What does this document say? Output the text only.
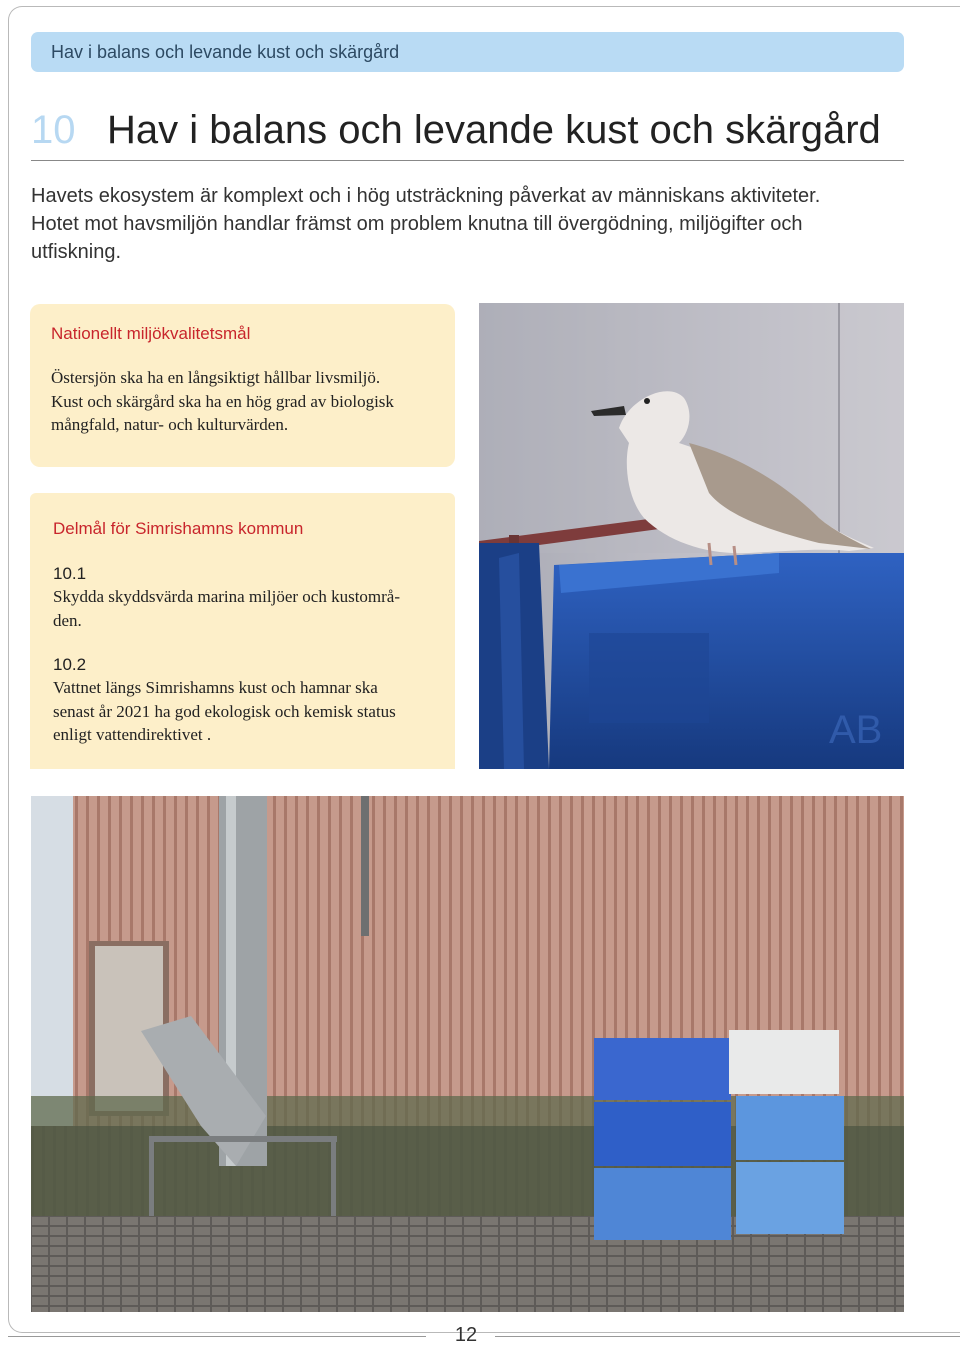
Hav i balans och levande kust och skärgård
10 Hav i balans och levande kust och skärgård
Havets ekosystem är komplext och i hög utsträckning påverkat av människans aktiviteter.
Hotet mot havsmiljön handlar främst om problem knutna till övergödning, miljögifter och
utfiskning.
Nationellt miljökvalitetsmål
Östersjön ska ha en långsiktigt hållbar livsmiljö.
Kust och skärgård ska ha en hög grad av biologisk
mångfald, natur- och kulturvärden.
Delmål för Simrishamns kommun
10.1
Skydda skyddsvärda marina miljöer och kustområ-
den.
10.2
Vattnet längs Simrishamns kust och hamnar ska
senast år 2021 ha god ekologisk och kemisk status
enligt vattendirektivet .	AB
12
